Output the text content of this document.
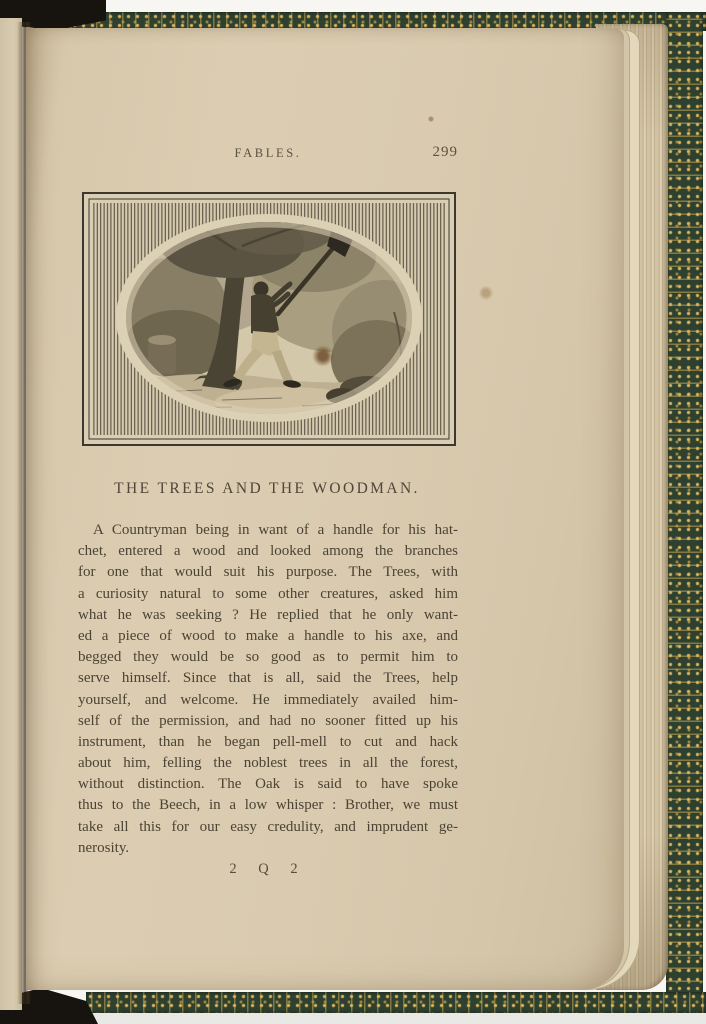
FABLES.	299
THE TREES AND THE WOODMAN.
A Countryman being in want of a handle for his hat-
chet, entered a wood and looked among the branches
for one that would suit his purpose. The Trees, with
a curiosity natural to some other creatures, asked him
what he was seeking ? He replied that he only want-
ed a piece of wood to make a handle to his axe, and
begged they would be so good as to permit him to
serve himself. Since that is all, said the Trees, help
yourself, and welcome. He immediately availed him-
self of the permission, and had no sooner fitted up his
instrument, than he began pell-mell to cut and hack
about him, felling the noblest trees in all the forest,
without distinction. The Oak is said to have spoke
thus to the Beech, in a low whisper : Brother, we must
take all this for our easy credulity, and imprudent ge-
nerosity.
2 Q 2
